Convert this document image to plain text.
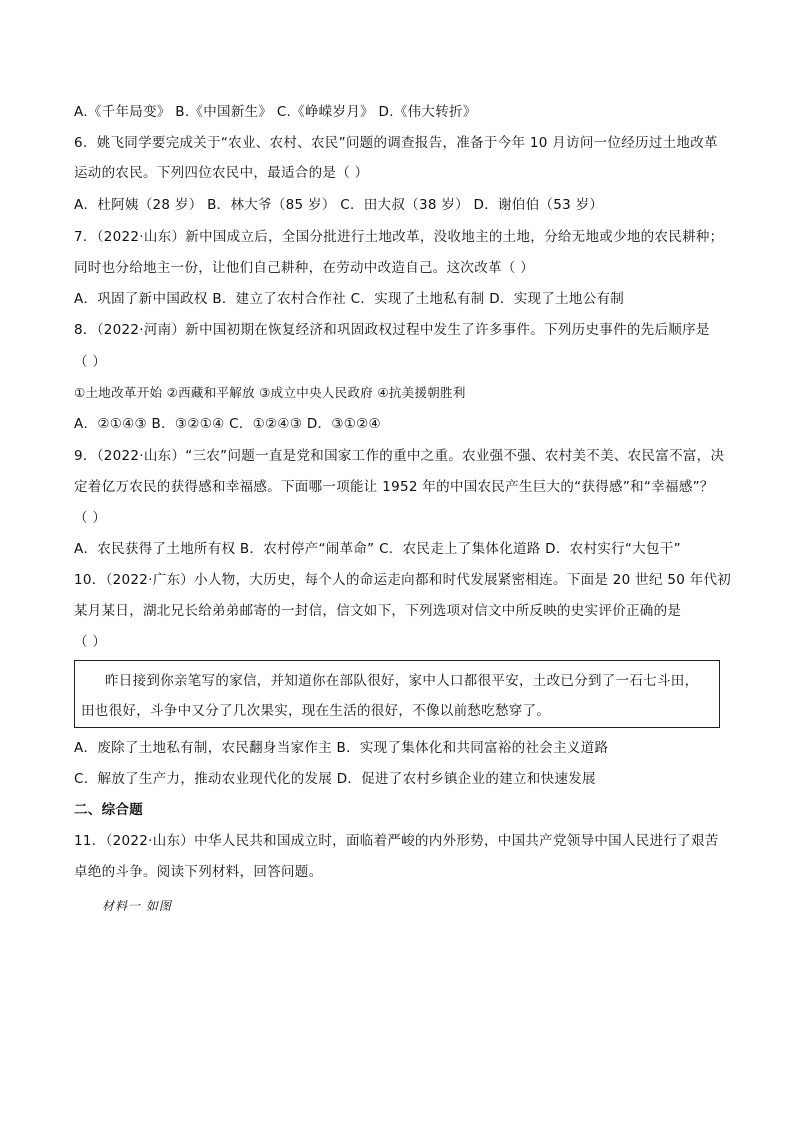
A.《千年局变》 B.《中国新生》 C.《峥嵘岁月》 D.《伟大转折》
6．姚飞同学要完成关于“农业、农村、农民”问题的调查报告，准备于今年 10 月访问一位经历过土地改革
运动的农民。下列四位农民中，最适合的是（ ）
A．杜阿姨（28 岁） B．林大爷（85 岁） C．田大叔（38 岁） D．谢伯伯（53 岁）
7．（2022·山东）新中国成立后，全国分批进行土地改革，没收地主的土地，分给无地或少地的农民耕种；
同时也分给地主一份，让他们自己耕种，在劳动中改造自己。这次改革（ ）
A．巩固了新中国政权 B．建立了农村合作社 C．实现了土地私有制 D．实现了土地公有制
8．（2022·河南）新中国初期在恢复经济和巩固政权过程中发生了许多事件。下列历史事件的先后顺序是
（ ）
①土地改革开始 ②西藏和平解放 ③成立中央人民政府 ④抗美援朝胜利
A．②①④③ B．③②①④ C．①②④③ D．③①②④
9．（2022·山东）“三农”问题一直是党和国家工作的重中之重。农业强不强、农村美不美、农民富不富，决
定着亿万农民的获得感和幸福感。下面哪一项能让 1952 年的中国农民产生巨大的“获得感”和“幸福感”？
（ ）
A．农民获得了土地所有权 B．农村停产“闹革命” C．农民走上了集体化道路 D．农村实行“大包干”
10．（2022·广东）小人物，大历史，每个人的命运走向都和时代发展紧密相连。下面是 20 世纪 50 年代初
某月某日，湖北兄长给弟弟邮寄的一封信，信文如下，下列选项对信文中所反映的史实评价正确的是
（ ）
昨日接到你亲笔写的家信，并知道你在部队很好，家中人口都很平安，土改已分到了一石七斗田，
田也很好，斗争中又分了几次果实，现在生活的很好，不像以前愁吃愁穿了。
A．废除了土地私有制，农民翻身当家作主 B．实现了集体化和共同富裕的社会主义道路
C．解放了生产力，推动农业现代化的发展 D．促进了农村乡镇企业的建立和快速发展
二、综合题
11．（2022·山东）中华人民共和国成立时，面临着严峻的内外形势，中国共产党领导中国人民进行了艰苦
卓绝的斗争。阅读下列材料，回答问题。
材料一 如图
